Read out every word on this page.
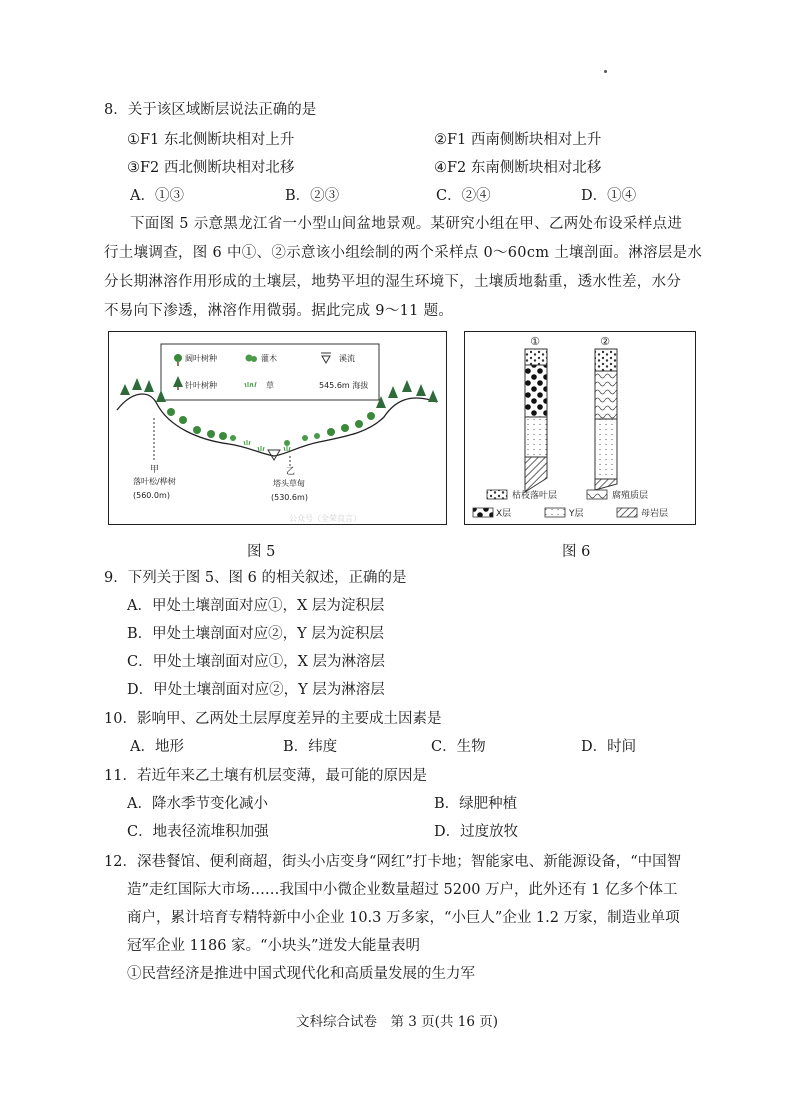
8．关于该区域断层说法正确的是
①F1 东北侧断块相对上升	②F1 西南侧断块相对上升
③F2 西北侧断块相对北移	④F2 东南侧断块相对北移
A．①③	B．②③	C．②④	D．①④
下面图 5 示意黑龙江省一小型山间盆地景观。某研究小组在甲、乙两处布设采样点进
行土壤调查，图 6 中①、②示意该小组绘制的两个采样点 0～60cm 土壤剖面。淋溶层是水
分长期淋溶作用形成的土壤层，地势平坦的湿生环境下，土壤质地黏重，透水性差，水分
不易向下渗透，淋溶作用微弱。据此完成 9～11 题。
阔叶树种	灌木	溪流
针叶树种	草	545.6m 海拔
甲
落叶松/桦树
(560.0m)
乙
塔头草甸
(530.6m)
公众号（全荣良言）
①	②
枯枝落叶层	腐殖质层
X层	Y层	母岩层
图 5	图 6
9．下列关于图 5、图 6 的相关叙述，正确的是
A．甲处土壤剖面对应①，X 层为淀积层
B．甲处土壤剖面对应②，Y 层为淀积层
C．甲处土壤剖面对应①，X 层为淋溶层
D．甲处土壤剖面对应②，Y 层为淋溶层
10．影响甲、乙两处土层厚度差异的主要成土因素是
A．地形	B．纬度	C．生物	D．时间
11．若近年来乙土壤有机层变薄，最可能的原因是
A．降水季节变化减小	B．绿肥种植
C．地表径流堆积加强	D．过度放牧
12．深巷餐馆、便利商超，街头小店变身“网红”打卡地；智能家电、新能源设备，“中国智
造”走红国际大市场……我国中小微企业数量超过 5200 万户，此外还有 1 亿多个体工
商户，累计培育专精特新中小企业 10.3 万多家，“小巨人”企业 1.2 万家，制造业单项
冠军企业 1186 家。“小块头”迸发大能量表明
①民营经济是推进中国式现代化和高质量发展的生力军
文科综合试卷　第 3 页(共 16 页)
